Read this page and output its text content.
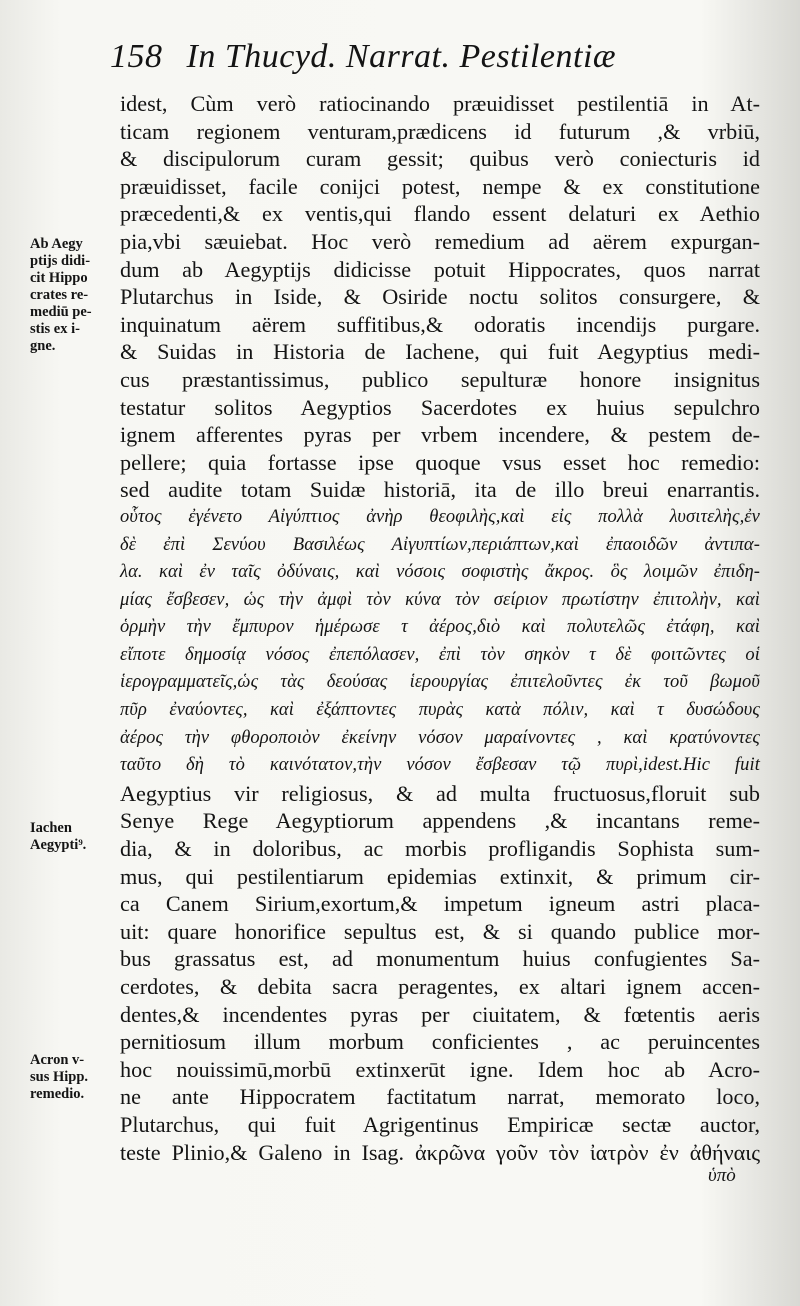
158 In Thucyd. Narrat. Pestilentiæ
Ab Aegy
ptijs didi-
cit Hippo
crates re-
mediū pe-
stis ex i-
gne.
Iachen
Aegypti⁹.
Acron v-
sus Hipp.
remedio.
idest, Cùm verò ratiocinando præuidisset pestilentiā in At-
ticam regionem venturam,prædicens id futurum ,& vrbiū,
& discipulorum curam gessit; quibus verò coniecturis id
præuidisset, facile conijci potest, nempe & ex constitutione
præcedenti,& ex ventis,qui flando essent delaturi ex Aethio
pia,vbi sæuiebat. Hoc verò remedium ad aërem expurgan-
dum ab Aegyptijs didicisse potuit Hippocrates, quos narrat
Plutarchus in Iside, & Osiride noctu solitos consurgere, &
inquinatum aërem suffitibus,& odoratis incendijs purgare.
& Suidas in Historia de Iachene, qui fuit Aegyptius medi-
cus præstantissimus, publico sepulturæ honore insignitus
testatur solitos Aegyptios Sacerdotes ex huius sepulchro
ignem afferentes pyras per vrbem incendere, & pestem de-
pellere; quia fortasse ipse quoque vsus esset hoc remedio:
sed audite totam Suidæ historiā, ita de illo breui enarrantis.
οὗτος ἐγένετο Αἰγύπτιος ἀνὴρ θεοφιλὴς,καὶ εἰς πολλὰ λυσιτελὴς,ἐν
δὲ ἐπὶ Σενύου Βασιλέως Αἰγυπτίων,περιάπτων,καὶ ἐπαοιδῶν ἀντιπα-
λα. καὶ ἐν ταῖς ὀδύναις, καὶ νόσοις σοφιστὴς ἄκρος. ὃς λοιμῶν ἐπιδη-
μίας ἔσβεσεν, ὡς τὴν ἀμφὶ τὸν κύνα τὸν σείριον πρωτίστην ἐπιτολὴν, καὶ
ὁρμὴν τὴν ἔμπυρον ἡμέρωσε τ ἀέρος,διὸ καὶ πολυτελῶς ἐτάφη, καὶ
εἴποτε δημοσίᾳ νόσος ἐπεπόλασεν, ἐπὶ τὸν σηκὸν τ δὲ φοιτῶντες οἱ
ἱερογραμματεῖς,ὡς τὰς δεούσας ἱερουργίας ἐπιτελοῦντες ἐκ τοῦ βωμοῦ
πῦρ ἐναύοντες, καὶ ἐξάπτοντες πυρὰς κατὰ πόλιν, καὶ τ δυσώδους
ἀέρος τὴν φθοροποιὸν ἐκείνην νόσον μαραίνοντες , καὶ κρατύνοντες
ταῦτο δὴ τὸ καινότατον,τὴν νόσον ἔσβεσαν τῷ πυρὶ,idest.Hic fuit
Aegyptius vir religiosus, & ad multa fructuosus,floruit sub
Senye Rege Aegyptiorum appendens ,& incantans reme-
dia, & in doloribus, ac morbis profligandis Sophista sum-
mus, qui pestilentiarum epidemias extinxit, & primum cir-
ca Canem Sirium,exortum,& impetum igneum astri placa-
uit: quare honorifice sepultus est, & si quando publice mor-
bus grassatus est, ad monumentum huius confugientes Sa-
cerdotes, & debita sacra peragentes, ex altari ignem accen-
dentes,& incendentes pyras per ciuitatem, & fœtentis aeris
pernitiosum illum morbum conficientes , ac peruincentes
hoc nouissimū,morbū extinxerūt igne. Idem hoc ab Acro-
ne ante Hippocratem factitatum narrat, memorato loco,
Plutarchus, qui fuit Agrigentinus Empiricæ sectæ auctor,
teste Plinio,& Galeno in Isag. ἀκρῶνα γοῦν τὸν ἰατρὸν ἐν ἀθήναις
ὑπὸ
